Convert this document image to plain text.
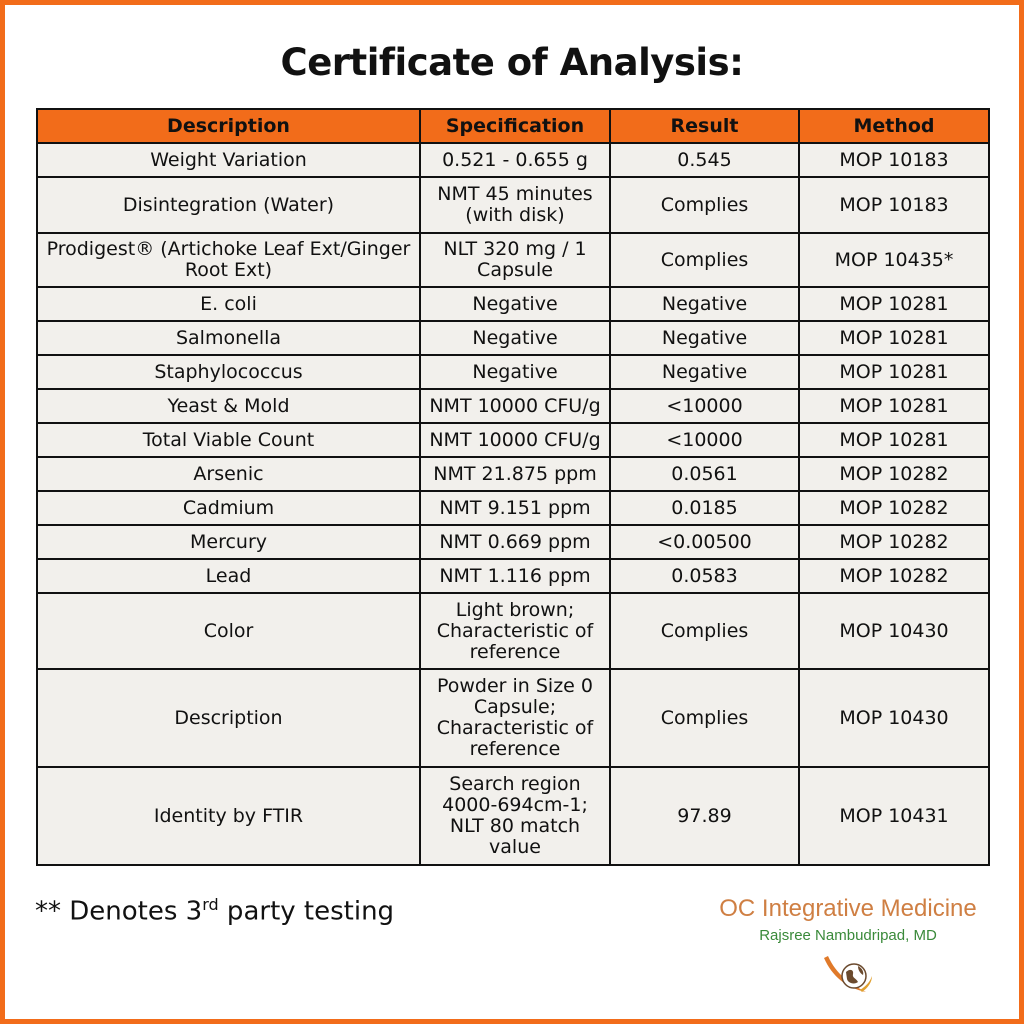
Certificate of Analysis:
Description	Specification	Result	Method
Weight Variation	0.521 - 0.655 g	0.545	MOP 10183
Disintegration (Water)	NMT 45 minutes (with disk)	Complies	MOP 10183
Prodigest® (Artichoke Leaf Ext/Ginger Root Ext)	NLT 320 mg / 1 Capsule	Complies	MOP 10435*
E. coli	Negative	Negative	MOP 10281
Salmonella	Negative	Negative	MOP 10281
Staphylococcus	Negative	Negative	MOP 10281
Yeast & Mold	NMT 10000 CFU/g	<10000	MOP 10281
Total Viable Count	NMT 10000 CFU/g	<10000	MOP 10281
Arsenic	NMT 21.875 ppm	0.0561	MOP 10282
Cadmium	NMT 9.151 ppm	0.0185	MOP 10282
Mercury	NMT 0.669 ppm	<0.00500	MOP 10282
Lead	NMT 1.116 ppm	0.0583	MOP 10282
Color	Light brown; Characteristic of reference	Complies	MOP 10430
Description	Powder in Size 0 Capsule; Characteristic of reference	Complies	MOP 10430
Identity by FTIR	Search region 4000-694cm-1; NLT 80 match value	97.89	MOP 10431
** Denotes 3rd party testing	OC Integrative Medicine
Rajsree Nambudripad, MD
